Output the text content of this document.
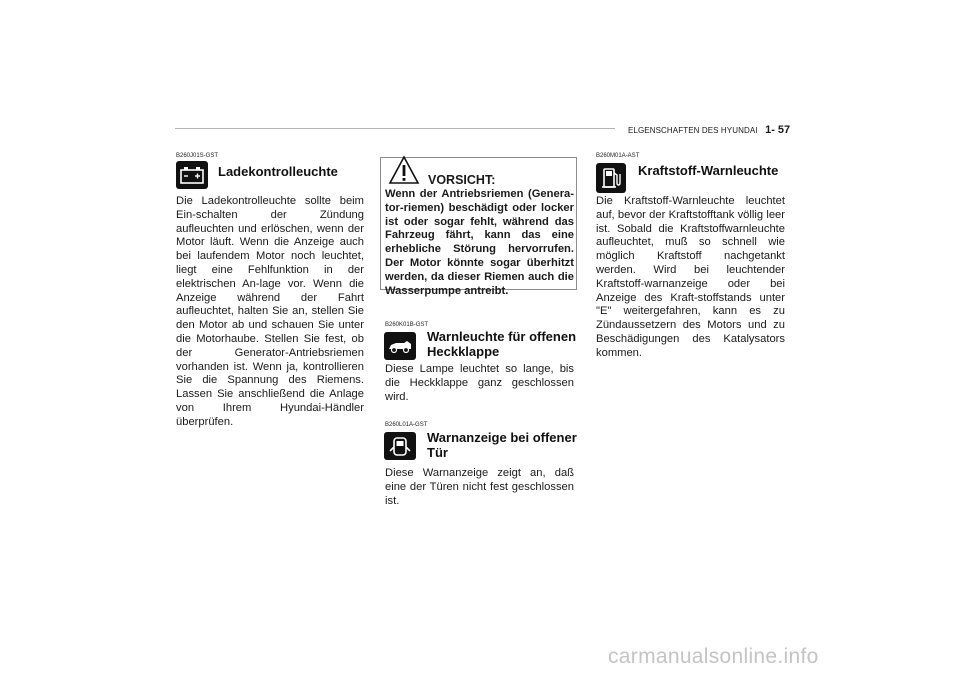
ELGENSCHAFTEN DES HYUNDAI 1- 57
B260J01S-GST
Ladekontrolleuchte
Die Ladekontrolleuchte sollte beim Ein-schalten der Zündung aufleuchten und erlöschen, wenn der Motor läuft. Wenn die Anzeige auch bei laufendem Motor noch leuchtet, liegt eine Fehlfunktion in der elektrischen An-lage vor. Wenn die Anzeige während der Fahrt aufleuchtet, halten Sie an, stellen Sie den Motor ab und schauen Sie unter die Motorhaube. Stellen Sie fest, ob der Generator-Antriebsriemen vorhanden ist. Wenn ja, kontrollieren Sie die Spannung des Riemens. Lassen Sie anschließend die Anlage von Ihrem Hyundai-Händler überprüfen.
VORSICHT:
Wenn der Antriebsriemen (Genera-tor-riemen) beschädigt oder locker ist oder sogar fehlt, während das Fahrzeug fährt, kann das eine erhebliche Störung hervorrufen. Der Motor könnte sogar überhitzt werden, da dieser Riemen auch die Wasserpumpe antreibt.
B260K01B-GST
Warnleuchte für offenen
Heckklappe
Diese Lampe leuchtet so lange, bis die Heckklappe ganz geschlossen wird.
B260L01A-GST
Warnanzeige bei offener
Tür
Diese Warnanzeige zeigt an, daß eine der Türen nicht fest geschlossen ist.
B260M01A-AST
Kraftstoff-Warnleuchte
Die Kraftstoff-Warnleuchte leuchtet auf, bevor der Kraftstofftank völlig leer ist. Sobald die Kraftstoffwarnleuchte aufleuchtet, muß so schnell wie möglich Kraftstoff nachgetankt werden. Wird bei leuchtender Kraftstoff-warnanzeige oder bei Anzeige des Kraft-stoffstands unter "E" weitergefahren, kann es zu Zündaussetzern des Motors und zu Beschädigungen des Katalysators kommen.
carmanualsonline.info
